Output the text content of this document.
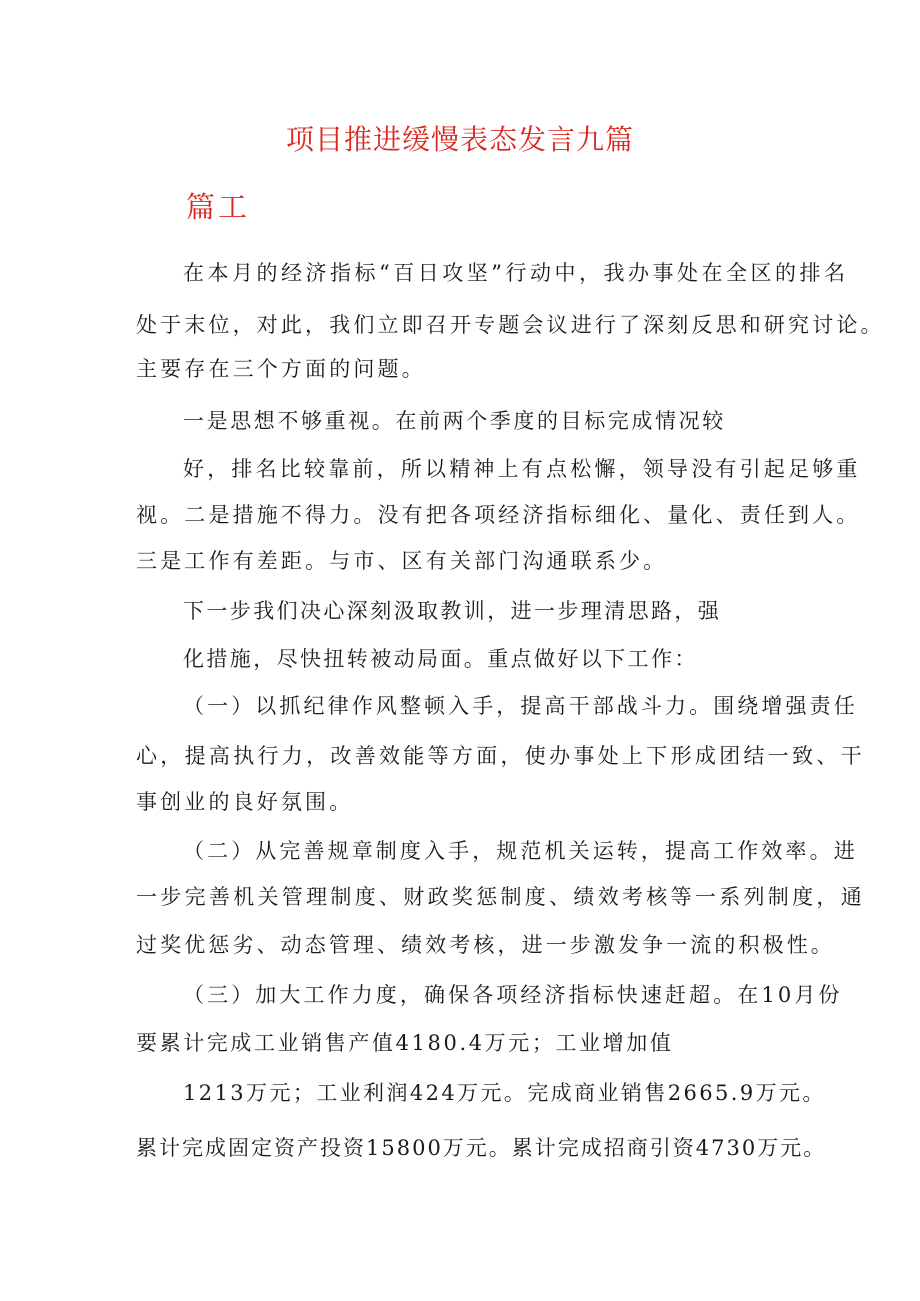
项目推进缓慢表态发言九篇
篇工
在本月的经济指标“百日攻坚”行动中，我办事处在全区的排名
处于末位，对此，我们立即召开专题会议进行了深刻反思和研究讨论。
主要存在三个方面的问题。
一是思想不够重视。在前两个季度的目标完成情况较
好，排名比较靠前，所以精神上有点松懈，领导没有引起足够重
视。二是措施不得力。没有把各项经济指标细化、量化、责任到人。
三是工作有差距。与市、区有关部门沟通联系少。
下一步我们决心深刻汲取教训，进一步理清思路，强
化措施，尽快扭转被动局面。重点做好以下工作：
（一）以抓纪律作风整顿入手，提高干部战斗力。围绕增强责任
心，提高执行力，改善效能等方面，使办事处上下形成团结一致、干
事创业的良好氛围。
（二）从完善规章制度入手，规范机关运转，提高工作效率。进
一步完善机关管理制度、财政奖惩制度、绩效考核等一系列制度，通
过奖优惩劣、动态管理、绩效考核，进一步激发争一流的积极性。
（三）加大工作力度，确保各项经济指标快速赶超。在10月份
要累计完成工业销售产值4180.4万元；工业增加值
1213万元；工业利润424万元。完成商业销售2665.9万元。
累计完成固定资产投资15800万元。累计完成招商引资4730万元。
